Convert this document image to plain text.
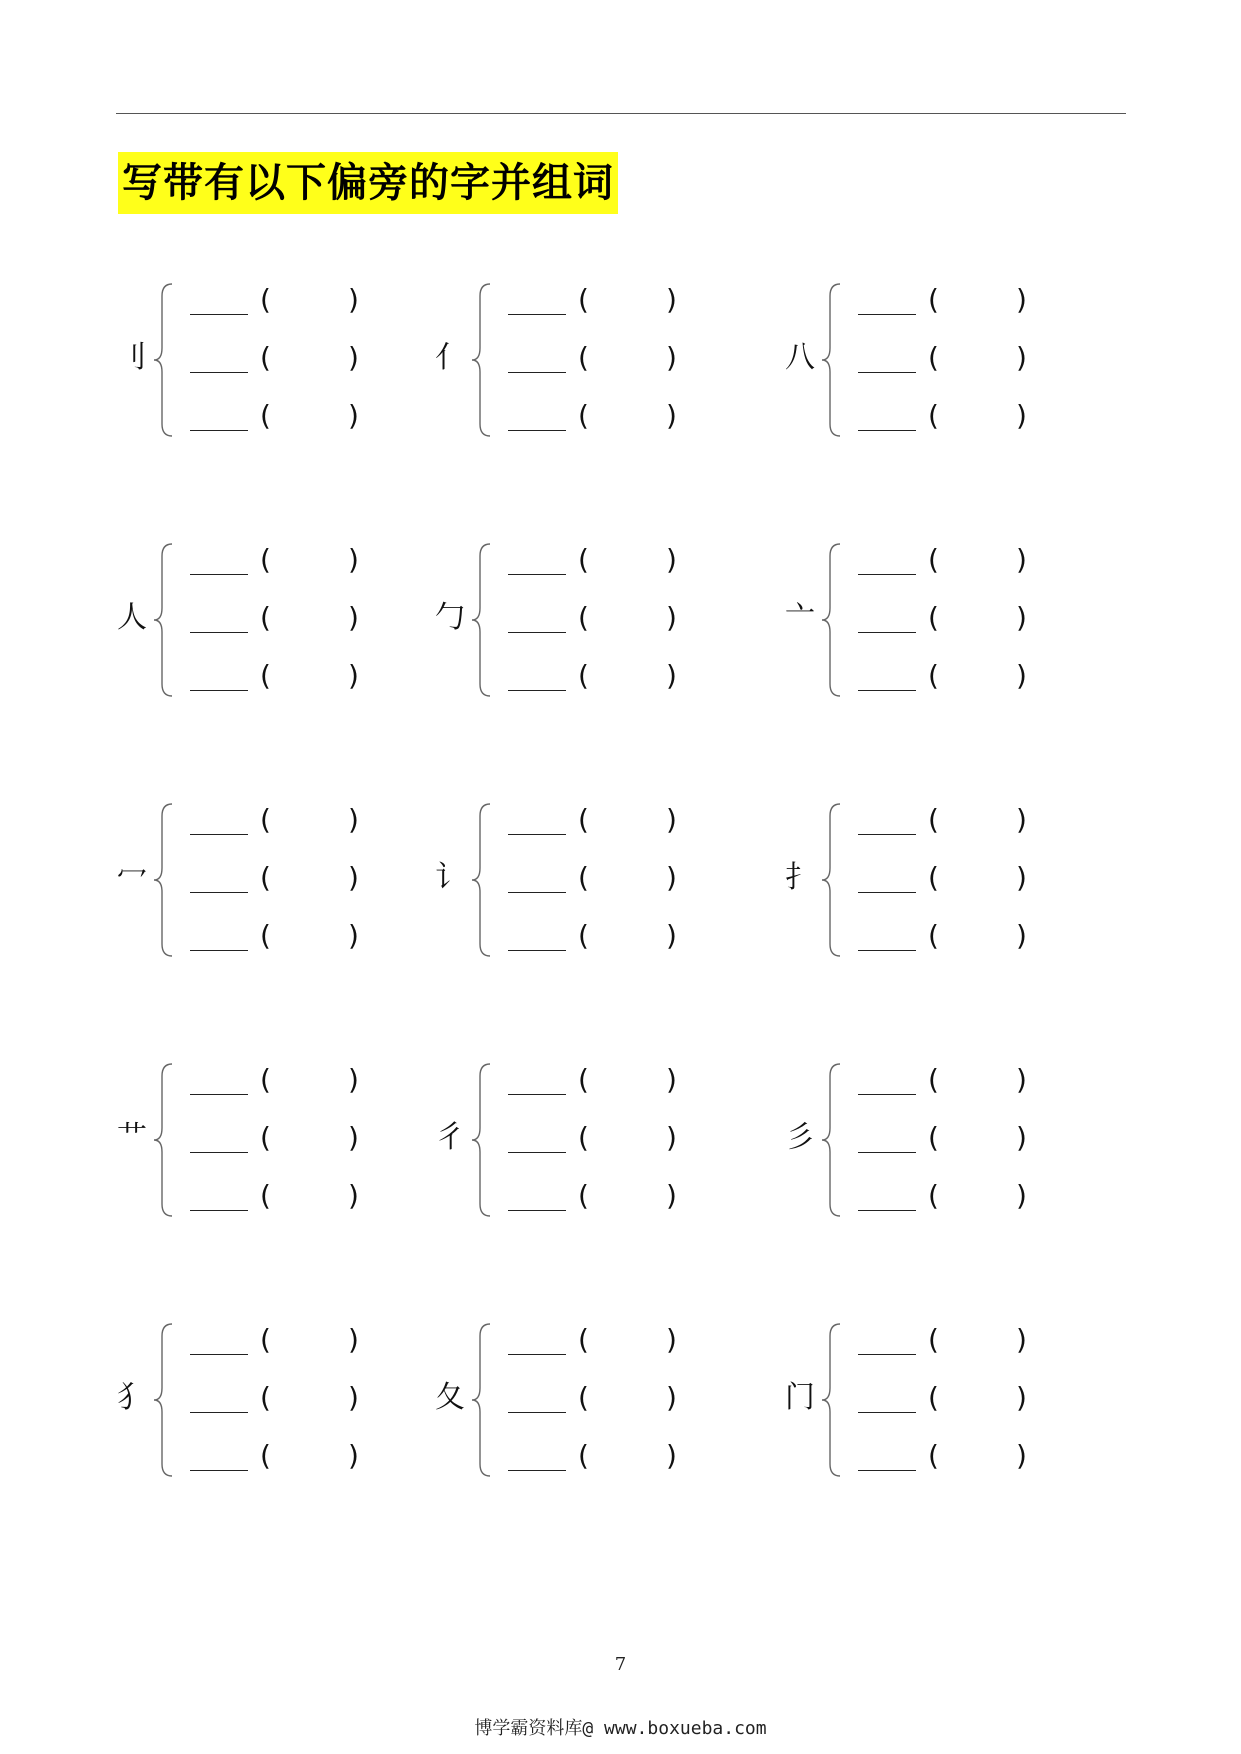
写带有以下偏旁的字并组词
刂
(	)
(	)
(	)
亻
(	)
(	)
(	)
八
(	)
(	)
(	)
人
(	)
(	)
(	)
勹
(	)
(	)
(	)
亠
(	)
(	)
(	)
冖
(	)
(	)
(	)
讠
(	)
(	)
(	)
扌
(	)
(	)
(	)
艹
(	)
(	)
(	)
彳
(	)
(	)
(	)
彡
(	)
(	)
(	)
犭
(	)
(	)
(	)
夂
(	)
(	)
(	)
门
(	)
(	)
(	)
7
博学霸资料库@ www.boxueba.com
